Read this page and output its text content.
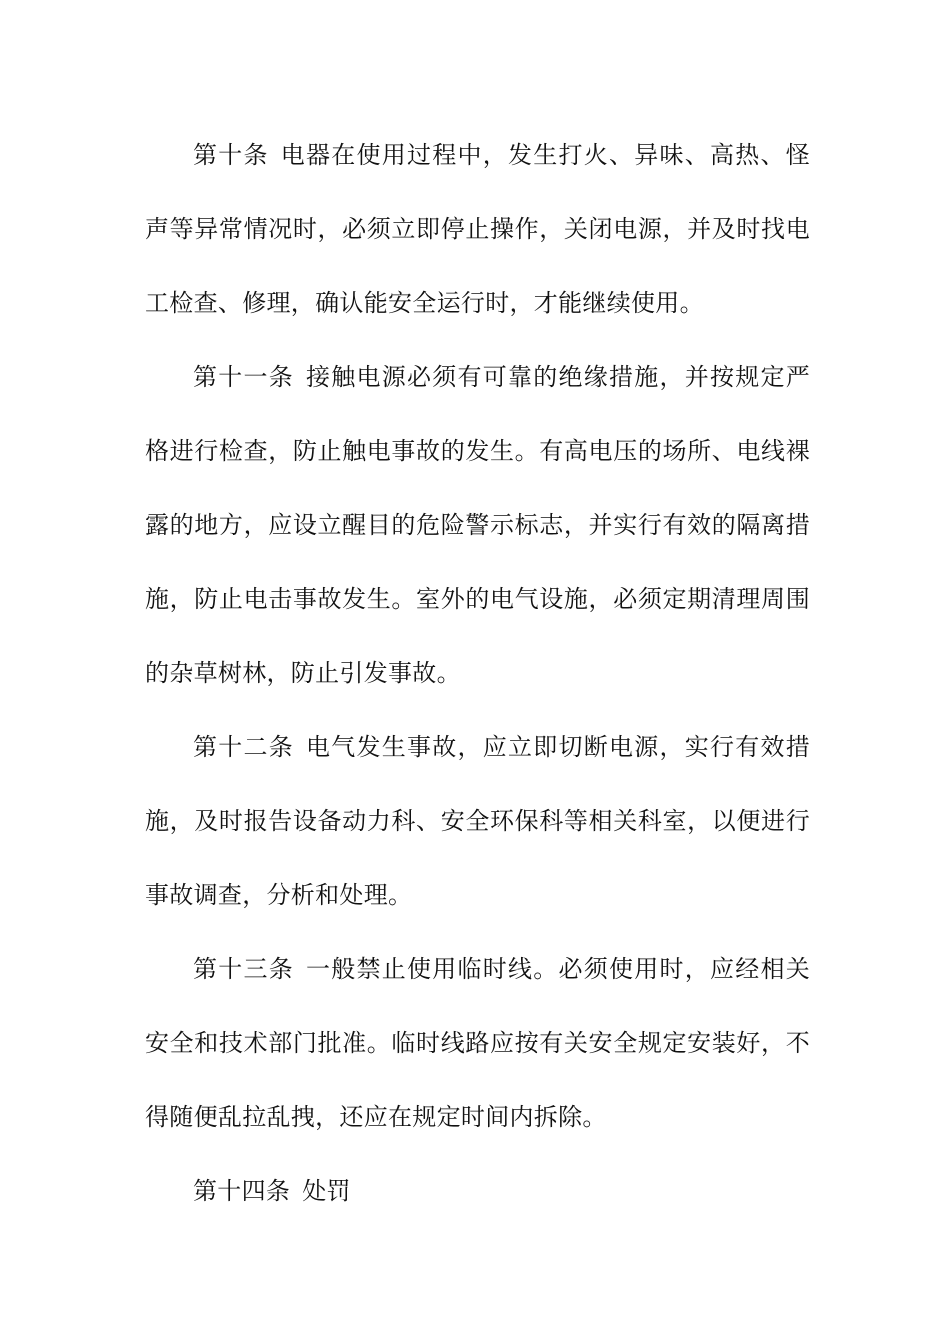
第十条 电器在使用过程中，发生打火、异味、高热、怪声等异常情况时，必须立即停止操作，关闭电源，并及时找电工检查、修理，确认能安全运行时，才能继续使用。

第十一条 接触电源必须有可靠的绝缘措施，并按规定严格进行检查，防止触电事故的发生。有高电压的场所、电线裸露的地方，应设立醒目的危险警示标志，并实行有效的隔离措施，防止电击事故发生。室外的电气设施，必须定期清理周围的杂草树林，防止引发事故。

第十二条 电气发生事故，应立即切断电源，实行有效措施，及时报告设备动力科、安全环保科等相关科室，以便进行事故调查，分析和处理。

第十三条 一般禁止使用临时线。必须使用时，应经相关安全和技术部门批准。临时线路应按有关安全规定安装好，不得随便乱拉乱拽，还应在规定时间内拆除。

第十四条 处罚
